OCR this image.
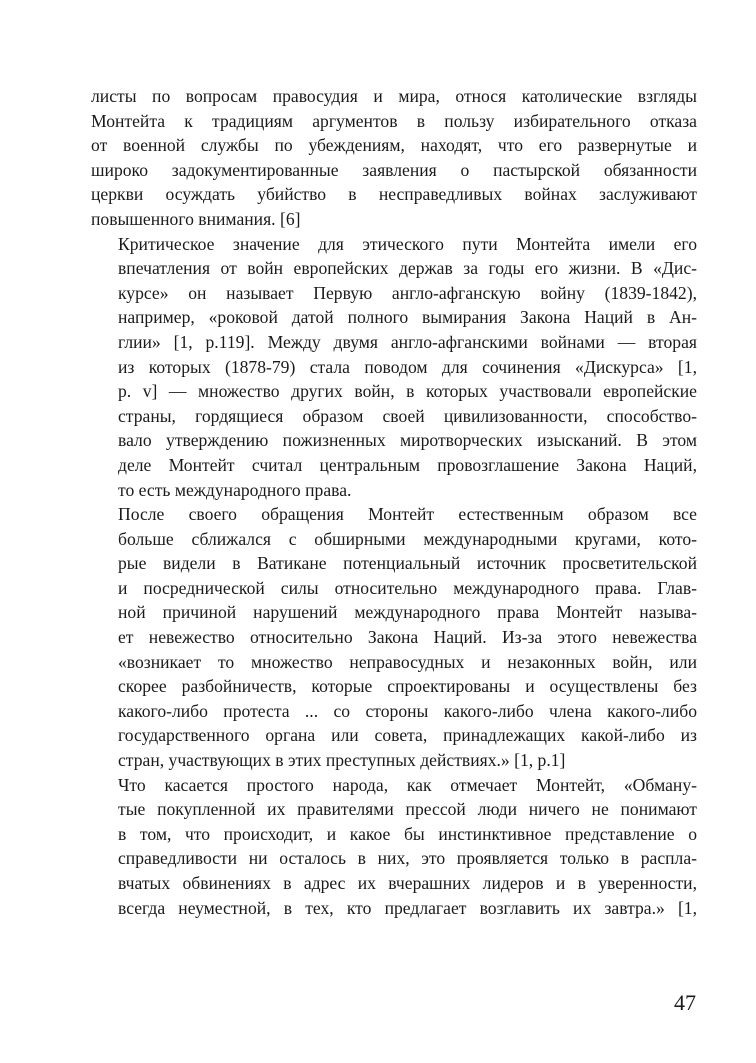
листы по вопросам правосудия и мира, относя католические взгляды
Монтейта к традициям аргументов в пользу избирательного отказа
от военной службы по убеждениям, находят, что его развернутые и
широко задокументированные заявления о пастырской обязанности
церкви осуждать убийство в несправедливых войнах заслуживают
повышенного внимания. [6]

Критическое значение для этического пути Монтейта имели его
впечатления от войн европейских держав за годы его жизни. В «Дис-
курсе» он называет Первую англо-афганскую войну (1839-1842),
например, «роковой датой полного вымирания Закона Наций в Ан-
глии» [1, p.119]. Между двумя англо-афганскими войнами — вторая
из которых (1878-79) стала поводом для сочинения «Дискурса» [1,
p. v] — множество других войн, в которых участвовали европейские
страны, гордящиеся образом своей цивилизованности, способство-
вало утверждению пожизненных миротворческих изысканий. В этом
деле Монтейт считал центральным провозглашение Закона Наций,
то есть международного права.

После своего обращения Монтейт естественным образом все
больше сближался с обширными международными кругами, кото-
рые видели в Ватикане потенциальный источник просветительской
и посреднической силы относительно международного права. Глав-
ной причиной нарушений международного права Монтейт называ-
ет невежество относительно Закона Наций. Из-за этого невежества
«возникает то множество неправосудных и незаконных войн, или
скорее разбойничеств, которые спроектированы и осуществлены без
какого-либо протеста ... со стороны какого-либо члена какого-либо
государственного органа или совета, принадлежащих какой-либо из
стран, участвующих в этих преступных действиях.» [1, p.1]

Что касается простого народа, как отмечает Монтейт, «Обману-
тые покупленной их правителями прессой люди ничего не понимают
в том, что происходит, и какое бы инстинктивное представление о
справедливости ни осталось в них, это проявляется только в распла-
вчатых обвинениях в адрес их вчерашних лидеров и в уверенности,
всегда неуместной, в тех, кто предлагает возглавить их завтра.» [1,

47
